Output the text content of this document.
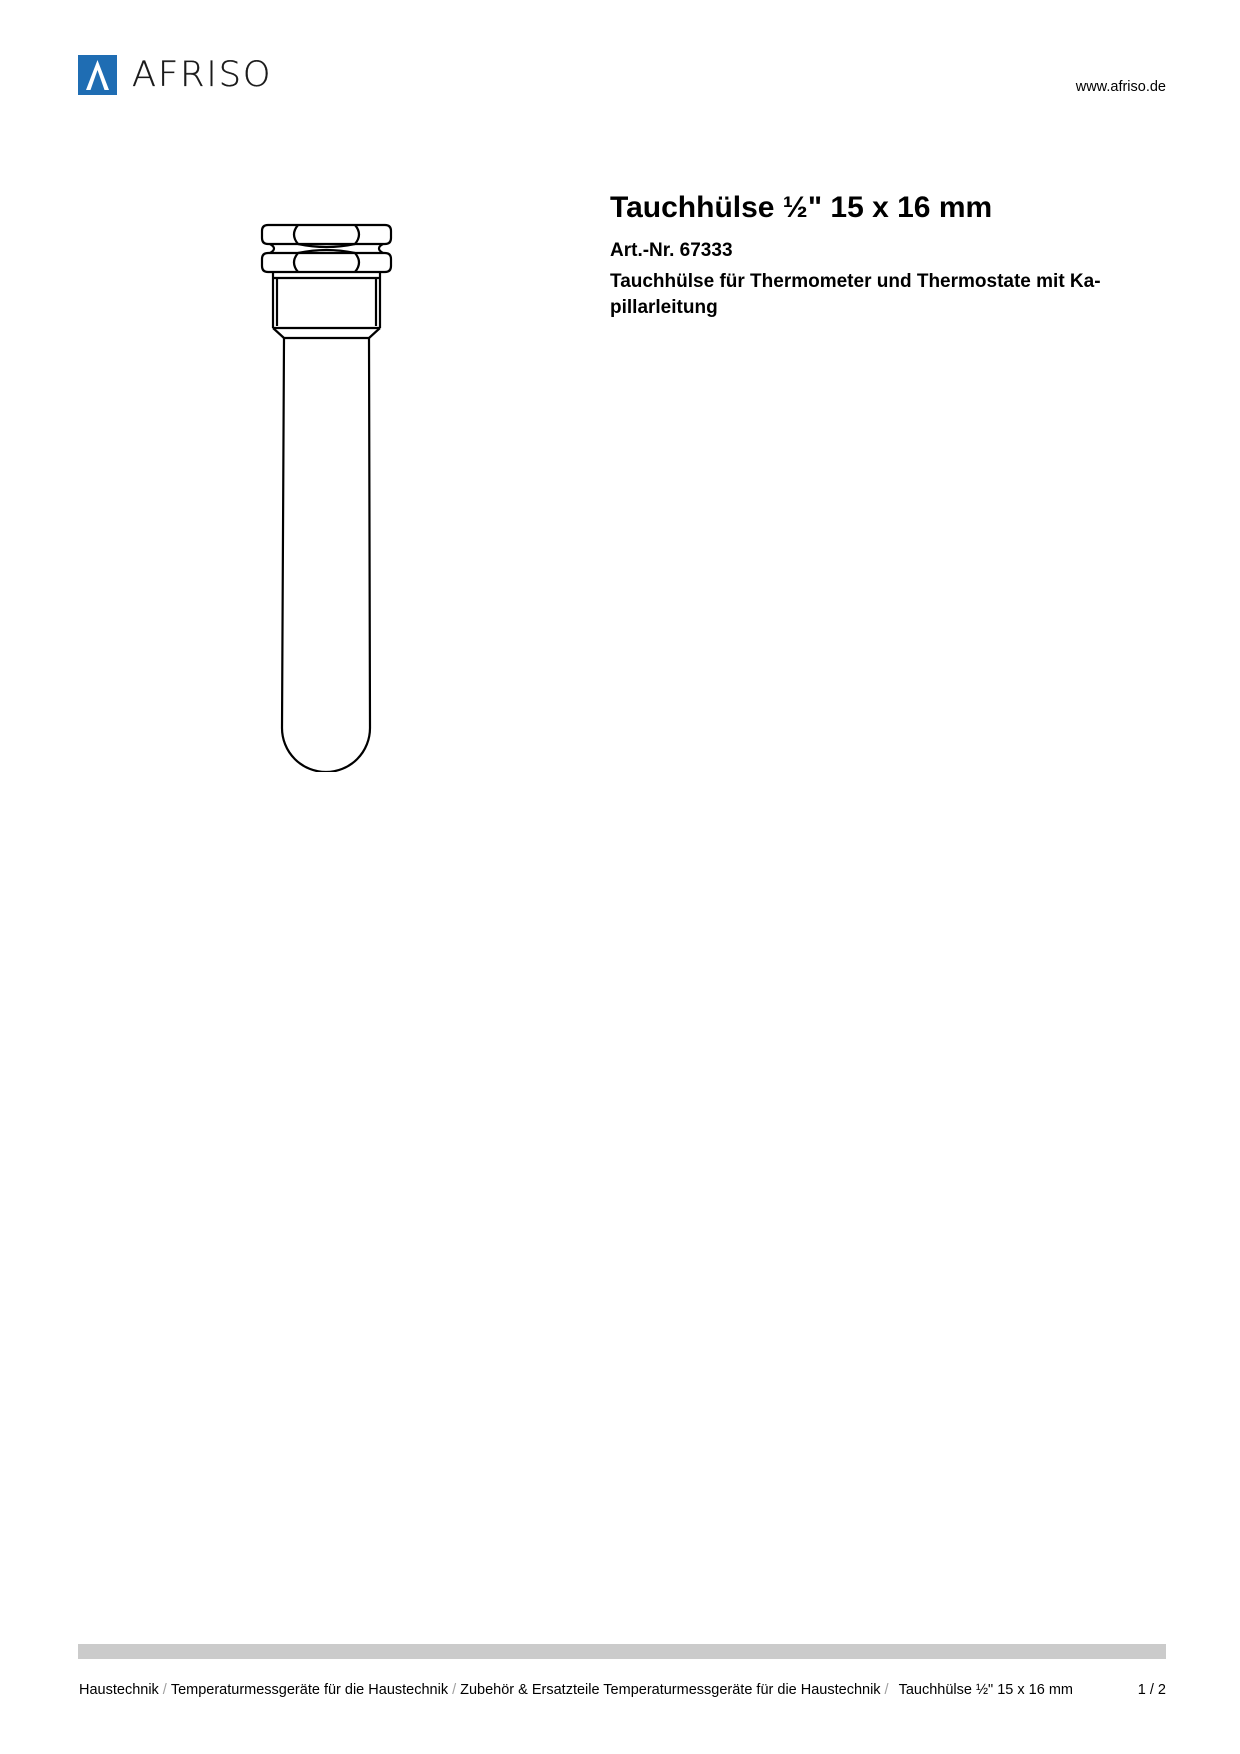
AFRISO	www.afriso.de
Tauchhülse ½" 15 x 16 mm
Art.-Nr. 67333
Tauchhülse für Thermometer und Thermostate mit Ka-
pillarleitung
Haustechnik / Temperaturmessgeräte für die Haustechnik / Zubehör & Ersatzteile Temperaturmessgeräte für die Haustechnik / Tauchhülse ½" 15 x 16 mm	1 / 2
